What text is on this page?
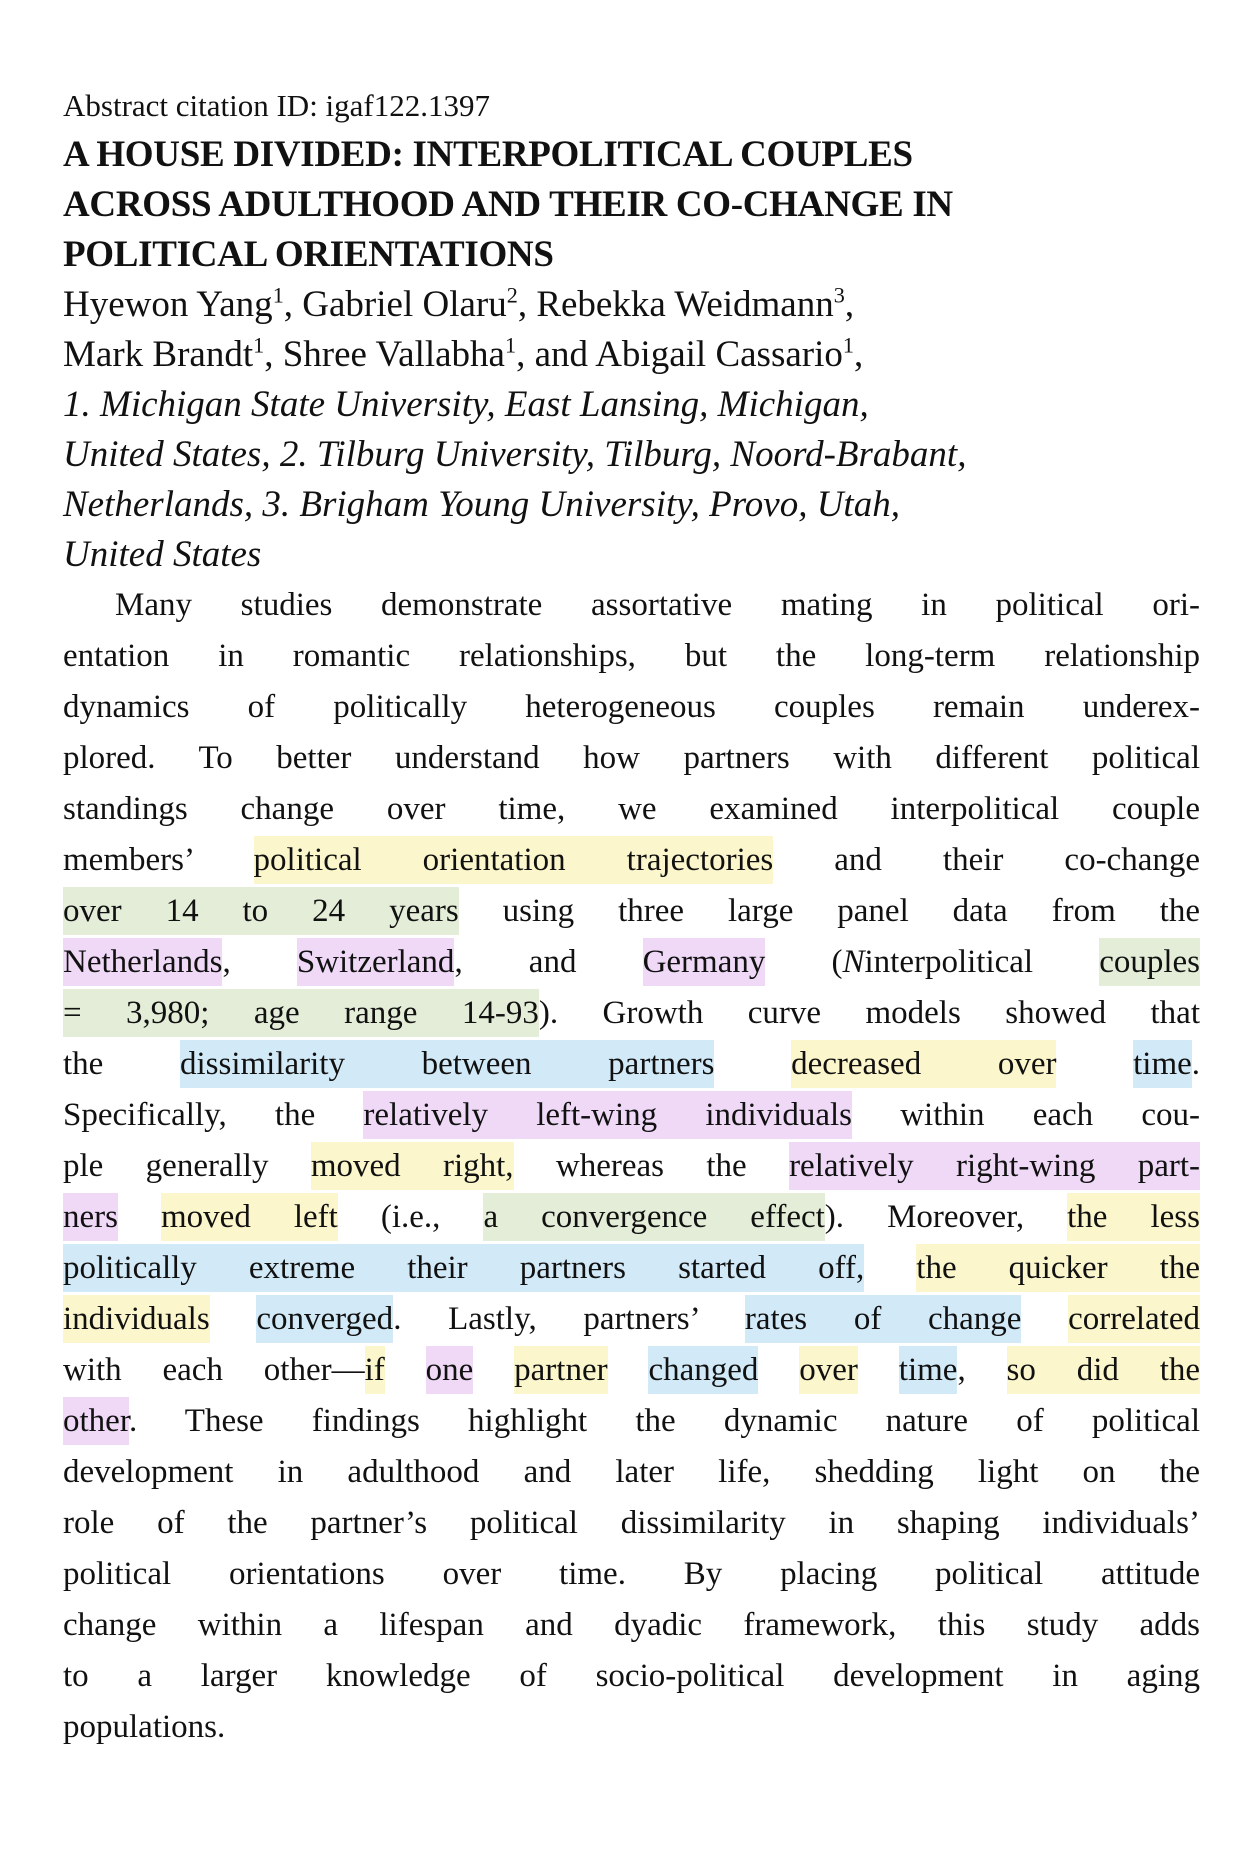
Abstract citation ID: igaf122.1397
A HOUSE DIVIDED: INTERPOLITICAL COUPLES
ACROSS ADULTHOOD AND THEIR CO-CHANGE IN
POLITICAL ORIENTATIONS
Hyewon Yang$^1$, Gabriel Olaru$^2$, Rebekka Weidmann$^3$,
Mark Brandt$^1$, Shree Vallabha$^1$, and Abigail Cassario$^1$,
1. Michigan State University, East Lansing, Michigan,
United States, 2. Tilburg University, Tilburg, Noord-Brabant,
Netherlands, 3. Brigham Young University, Provo, Utah,
United States
Many studies demonstrate assortative mating in political ori-
entation in romantic relationships, but the long-term relationship
dynamics of politically heterogeneous couples remain underex-
plored. To better understand how partners with different political
standings change over time, we examined interpolitical couple
members’ political orientation trajectories and their co-change
over 14 to 24 years using three large panel data from the
Netherlands, Switzerland, and Germany (Ninterpolitical couples
= 3,980; age range 14-93). Growth curve models showed that
the dissimilarity between partners decreased over time.
Specifically, the relatively left-wing individuals within each cou-
ple generally moved right, whereas the relatively right-wing part-
ners moved left (i.e., a convergence effect). Moreover, the less
politically extreme their partners started off, the quicker the
individuals converged. Lastly, partners’ rates of change correlated
with each other—if one partner changed over time, so did the
other. These findings highlight the dynamic nature of political
development in adulthood and later life, shedding light on the
role of the partner’s political dissimilarity in shaping individuals’
political orientations over time. By placing political attitude
change within a lifespan and dyadic framework, this study adds
to a larger knowledge of socio-political development in aging
populations.
